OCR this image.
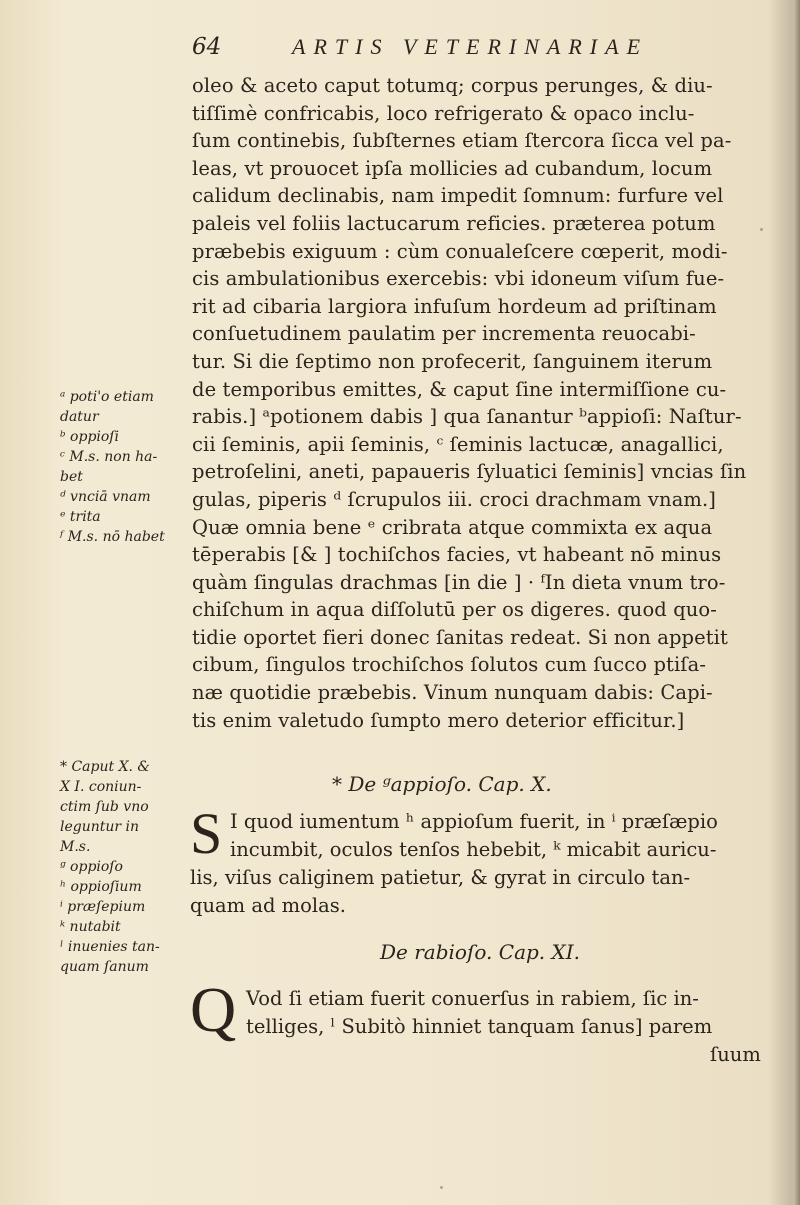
64	ARTIS VETERINARIAE
oleo & aceto caput totumq; corpus perunges, & diu-
tiſſimè confricabis, loco refrigerato & opaco inclu-
ſum continebis, ſubſternes etiam ſtercora ſicca vel pa-
leas, vt prouocet ipſa mollicies ad cubandum, locum
calidum declinabis, nam impedit ſomnum: furfure vel
paleis vel foliis lactucarum reficies. præterea potum
præbebis exiguum : cùm conualeſcere cœperit, modi-
cis ambulationibus exercebis: vbi idoneum viſum fue-
rit ad cibaria largiora infuſum hordeum ad priſtinam
conſuetudinem paulatim per incrementa reuocabi-
tur. Si die ſeptimo non profecerit, ſanguinem iterum
de temporibus emittes, & caput ſine intermiſſione cu-
rabis.] ᵃpotionem dabis ] qua ſanantur ᵇappioſi: Naſtur-
cii ſeminis, apii ſeminis, ᶜ ſeminis lactucæ, anagallici,
petroſelini, aneti, papaueris ſyluatici ſeminis] vncias ſin
gulas, piperis ᵈ ſcrupulos iii. croci drachmam vnam.]
Quæ omnia bene ᵉ cribrata atque commixta ex aqua
tēperabis [& ] tochiſchos facies, vt habeant nō minus
quàm ſingulas drachmas [in die ] · ᶠIn dieta vnum tro-
chiſchum in aqua diſſolutū per os digeres. quod quo-
tidie oportet fieri donec ſanitas redeat. Si non appetit
cibum, ſingulos trochiſchos ſolutos cum ſucco ptiſa-
næ quotidie præbebis. Vinum nunquam dabis: Capi-
tis enim valetudo ſumpto mero deterior efficitur.]
ᵃ poti'o etiam
datur
ᵇ oppioſi
ᶜ M.s. non ha-
bet
ᵈ vnciā vnam
ᵉ trita
ᶠ M.s. nō habet
* Caput X. &
X I. coniun-
ctim ſub vno
leguntur in
M.s.
ᵍ oppioſo
ʰ oppioſium
ⁱ præſepium
ᵏ nutabit
ˡ inuenies tan-
quam ſanum
* De ᵍappioſo. Cap. X.
S I quod iumentum ʰ appioſum fuerit, in ⁱ præſæpio
incumbit, oculos tenſos hebebit, ᵏ micabit auricu-
lis, viſus caliginem patietur, & gyrat in circulo tan-
quam ad molas.
De rabioſo. Cap. XI.
Q Vod ſi etiam fuerit conuerſus in rabiem, ſic in-
telliges, ˡ Subitò hinniet tanquam ſanus] parem
ſuum
